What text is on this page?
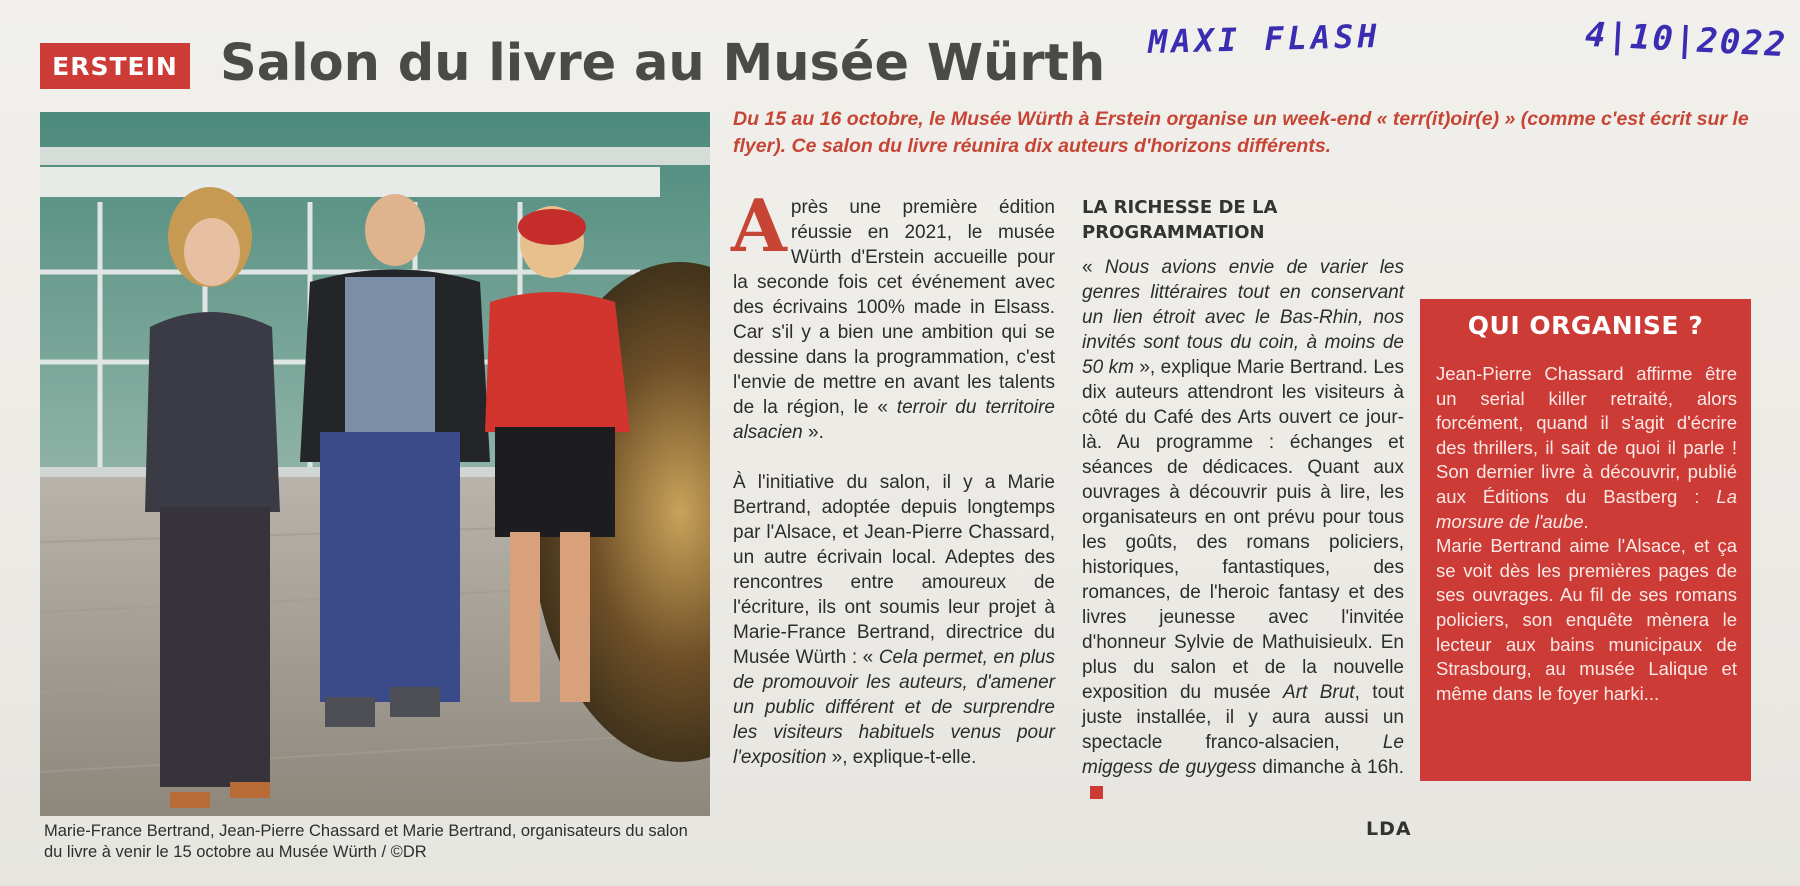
ERSTEIN Salon du livre au Musée Würth MAXI FLASH	4|10|2022
Marie-France Bertrand, Jean-Pierre Chassard et Marie Bertrand, organisateurs du salon du livre à venir le 15 octobre au Musée Würth / ©DR
Du 15 au 16 octobre, le Musée Würth à Erstein organise un week-end « terr(it)oir(e) » (comme c'est écrit sur le flyer). Ce salon du livre réunira dix auteurs d'horizons différents.

Après une première édition réussie en 2021, le musée Würth d'Erstein accueille pour la seconde fois cet événement avec des écrivains 100% made in Elsass. Car s'il y a bien une ambition qui se dessine dans la programmation, c'est l'envie de mettre en avant les talents de la région, le « terroir du territoire alsacien ».

À l'initiative du salon, il y a Marie Bertrand, adoptée depuis longtemps par l'Alsace, et Jean-Pierre Chassard, un autre écrivain local. Adeptes des rencontres entre amoureux de l'écriture, ils ont soumis leur projet à Marie-France Bertrand, directrice du Musée Würth : « Cela permet, en plus de promouvoir les auteurs, d'amener un public différent et de surprendre les visiteurs habituels venus pour l'exposition », explique-t-elle.

LA RICHESSE DE LA PROGRAMMATION

« Nous avions envie de varier les genres littéraires tout en conservant un lien étroit avec le Bas-Rhin, nos invités sont tous du coin, à moins de 50 km », explique Marie Bertrand. Les dix auteurs attendront les visiteurs à côté du Café des Arts ouvert ce jour-là. Au programme : échanges et séances de dédicaces. Quant aux ouvrages à découvrir puis à lire, les organisateurs en ont prévu pour tous les goûts, des romans policiers, historiques, fantastiques, des romances, de l'heroic fantasy et des livres jeunesse avec l'invitée d'honneur Sylvie de Mathuisieulx. En plus du salon et de la nouvelle exposition du musée Art Brut, tout juste installée, il y aura aussi un spectacle franco-alsacien, Le miggess de guygess dimanche à 16h.

LDA
QUI ORGANISE ?

Jean-Pierre Chassard affirme être un serial killer retraité, alors forcément, quand il s'agit d'écrire des thrillers, il sait de quoi il parle ! Son dernier livre à découvrir, publié aux Éditions du Bastberg : La morsure de l'aube.

Marie Bertrand aime l'Alsace, et ça se voit dès les premières pages de ses ouvrages. Au fil de ses romans policiers, son enquête mènera le lecteur aux bains municipaux de Strasbourg, au musée Lalique et même dans le foyer harki...
